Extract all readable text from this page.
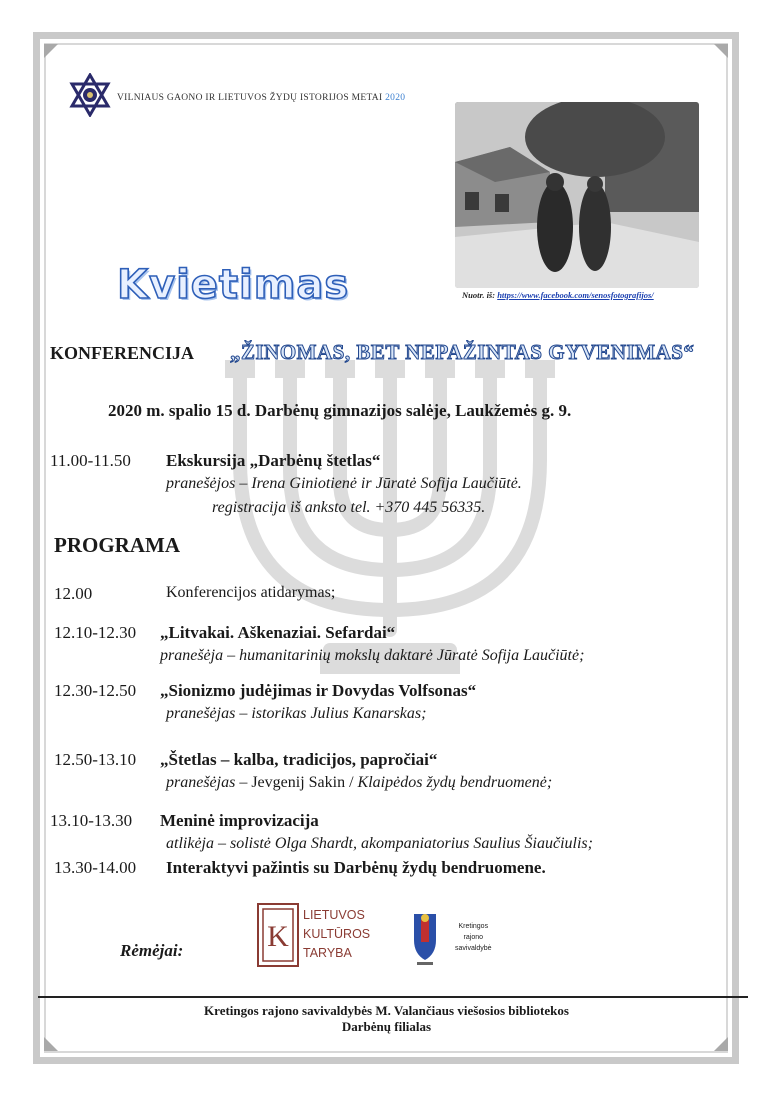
VILNIAUS GAONO IR LIETUVOS ŽYDŲ ISTORIJOS METAI 2020
Nuotr. iš: https://www.facebook.com/senosfotografijos/
Kvietimas
KONFERENCIJA „ŽINOMAS, BET NEPAŽINTAS GYVENIMAS“
2020 m. spalio 15 d. Darbėnų gimnazijos salėje, Laukžemės g. 9.
11.00-11.50 Ekskursija „Darbėnų štetlas“
pranešėjos – Irena Giniotienė ir Jūratė Sofija Laučiūtė.
registracija iš anksto tel. +370 445 56335.
PROGRAMA
12.00	Konferencijos atidarymas;
12.10-12.30 „Litvakai. Aškenaziai. Sefardai“
pranešėja – humanitarinių mokslų daktarė Jūratė Sofija Laučiūtė;
12.30-12.50 „Sionizmo judėjimas ir Dovydas Volfsonas“
pranešėjas – istorikas Julius Kanarskas;
12.50-13.10 „Štetlas – kalba, tradicijos, papročiai“
pranešėjas – Jevgenij Sakin / Klaipėdos žydų bendruomenė;
13.10-13.30 Meninė improvizacija
atlikėja – solistė Olga Shardt, akompaniatorius Saulius Šiaučiulis;
13.30-14.00 Interaktyvi pažintis su Darbėnų žydų bendruomene.
Rėmėjai:	K
LIETUVOS
KULTŪROS
TARYBA
Kretingos
rajono
savivaldybė
Kretingos rajono savivaldybės M. Valančiaus viešosios bibliotekos
Darbėnų filialas
